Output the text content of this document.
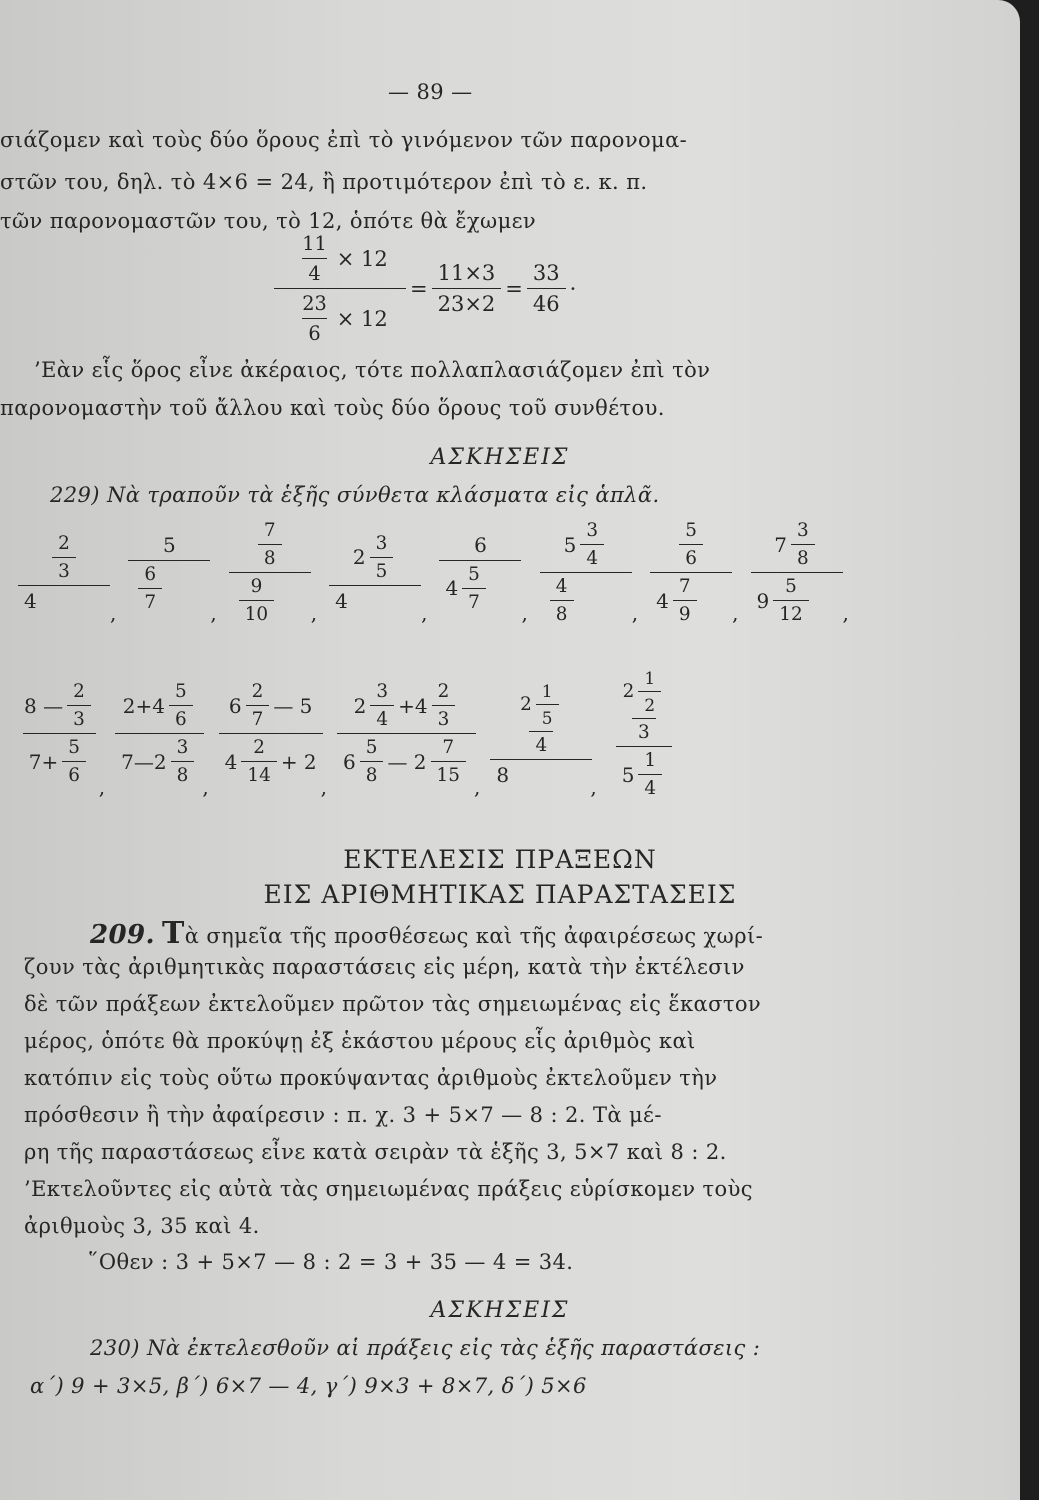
— 89 —
σιάζομεν καὶ τοὺς δύο ὅρους ἐπὶ τὸ γινόμενον τῶν παρονομα-
στῶν του, δηλ. τὸ 4×6 = 24, ἢ προτιμότερον ἐπὶ τὸ ε. κ. π.
τῶν παρονομαστῶν του, τὸ 12, ὁπότε θὰ ἔχωμεν
$\frac{\frac{11}{4} \times 12}{\frac{23}{6} \times 12} = \frac{11\times 3}{23\times 2} = \frac{33}{46}$ ·
’Εὰν εἷς ὅρος εἶνε ἀκέραιος, τότε πολλαπλασιάζομεν ἐπὶ τὸν
παρονομαστὴν τοῦ ἄλλου καὶ τοὺς δύο ὅρους τοῦ συνθέτου.
ΑΣΚΗΣΕΙΣ
229) Νὰ τραποῦν τὰ ἑξῆς σύνθετα κλάσματα εἰς ἁπλᾶ.
$\frac{\frac{2}{3}}{4}$
,
$\frac{5}{\frac{6}{7}}$
, $\frac{\frac{7}{8}}{\frac{9}{10}}$ ,
$\frac{2 \frac{3}{5}}{4}$
,
$\frac{6}{4 \frac{5}{7}}$
, $\frac{5 \frac{3}{4}}{\frac{4}{8}}$ , $\frac{\frac{5}{6}}{4 \frac{7}{9}}$ , $\frac{7 \frac{3}{8}}{9 \frac{5}{12}}$ ,
$\frac{8 — \frac{2}{3}}{7+ \frac{5}{6}}$
,
$\frac{2+4 \frac{5}{6}}{7—2 \frac{3}{8}}$
,
$\frac{6 \frac{2}{7} — 5}{4 \frac{2}{14} + 2}$
,
$\frac{2 \frac{3}{4} +4 \frac{2}{3}}{6 \frac{5}{8} — 2 \frac{7}{15}}$
,
$\frac{\frac{2 \frac{1}{5}}{4}}{8}$
, $\frac{\frac{2 \frac{1}{2}}{3}}{5 \frac{1}{4}}$
ΕΚΤΕΛΕΣΙΣ ΠΡΑΞΕΩΝ
ΕΙΣ ΑΡΙΘΜΗΤΙΚΑΣ ΠΑΡΑΣΤΑΣΕΙΣ
209. Τὰ σημεῖα τῆς προσθέσεως καὶ τῆς ἀφαιρέσεως χωρί-
ζουν τὰς ἀριθμητικὰς παραστάσεις εἰς μέρη, κατὰ τὴν ἐκτέλεσιν
δὲ τῶν πράξεων ἐκτελοῦμεν πρῶτον τὰς σημειωμένας εἰς ἕκαστον
μέρος, ὁπότε θὰ προκύψῃ ἐξ ἑκάστου μέρους εἷς ἀριθμὸς καὶ
κατόπιν εἰς τοὺς οὕτω προκύψαντας ἀριθμοὺς ἐκτελοῦμεν τὴν
πρόσθεσιν ἢ τὴν ἀφαίρεσιν : π. χ. 3 + 5×7 — 8 : 2. Τὰ μέ-
ρη τῆς παραστάσεως εἶνε κατὰ σειρὰν τὰ ἑξῆς 3, 5×7 καὶ 8 : 2.
’Εκτελοῦντες εἰς αὐτὰ τὰς σημειωμένας πράξεις εὑρίσκομεν τοὺς
ἀριθμοὺς 3, 35 καὶ 4.
῞Οθεν : 3 + 5×7 — 8 : 2 = 3 + 35 — 4 = 34.
ΑΣΚΗΣΕΙΣ
230) Νὰ ἐκτελεσθοῦν αἱ πράξεις εἰς τὰς ἑξῆς παραστάσεις :
α΄) 9 + 3×5, β΄) 6×7 — 4, γ΄) 9×3 + 8×7, δ΄) 5×6
